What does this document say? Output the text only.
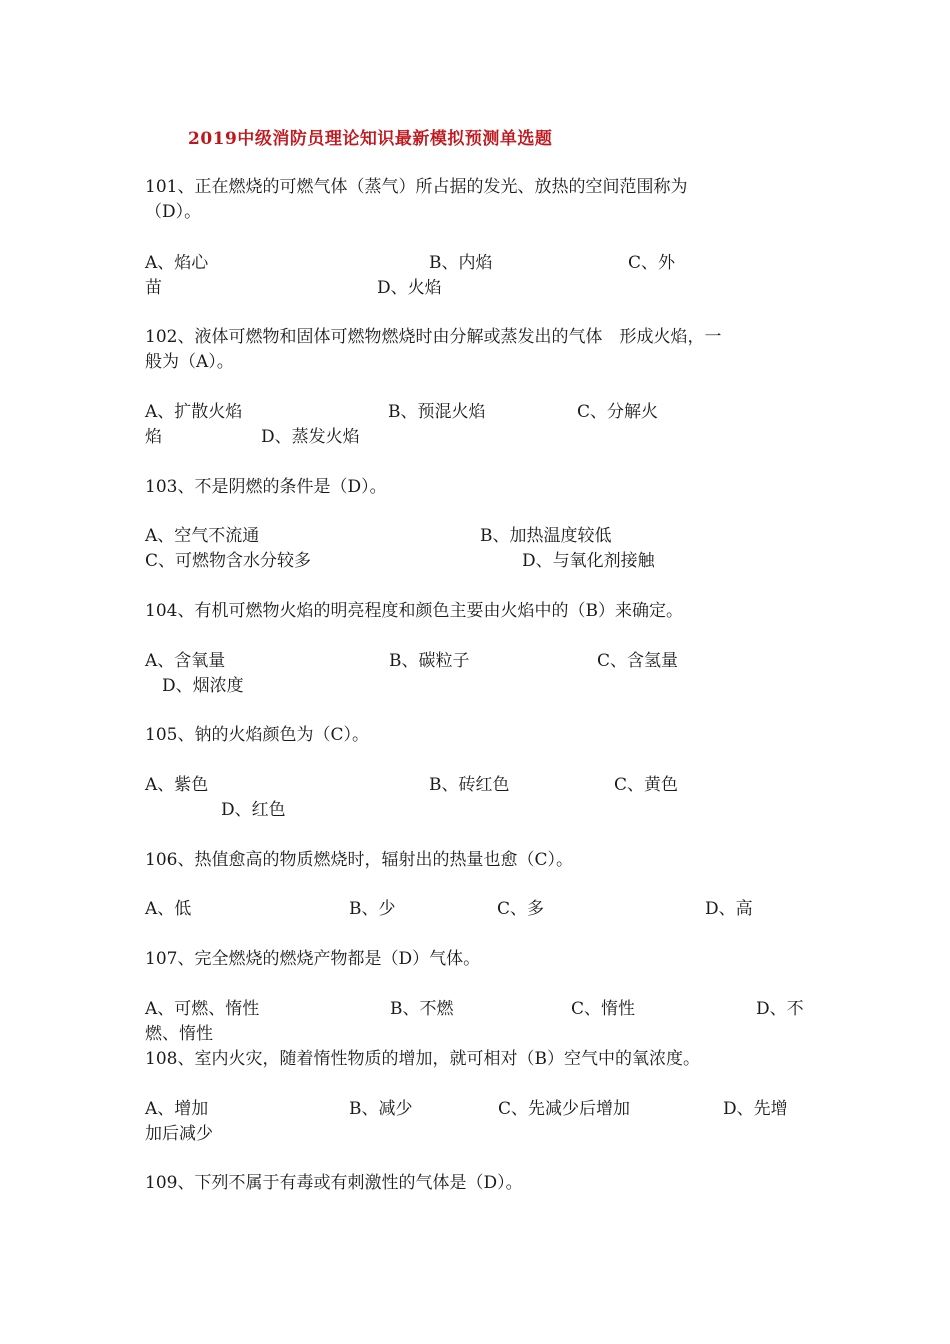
2019中级消防员理论知识最新模拟预测单选题
101、正在燃烧的可燃气体（蒸气）所占据的发光、放热的空间范围称为
（D）。
A、焰心	B、内焰	C、外
苗	D、火焰
102、液体可燃物和固体可燃物燃烧时由分解或蒸发出的气体　形成火焰，一
般为（A）。
A、扩散火焰	B、预混火焰	C、分解火
焰	D、蒸发火焰
103、不是阴燃的条件是（D）。
A、空气不流通	B、加热温度较低
C、可燃物含水分较多	D、与氧化剂接触
104、有机可燃物火焰的明亮程度和颜色主要由火焰中的（B）来确定。
A、含氧量	B、碳粒子	C、含氢量
D、烟浓度
105、钠的火焰颜色为（C）。
A、紫色	B、砖红色	C、黄色
D、红色
106、热值愈高的物质燃烧时，辐射出的热量也愈（C）。
A、低	B、少	C、多	D、高
107、完全燃烧的燃烧产物都是（D）气体。
A、可燃、惰性	B、不燃	C、惰性	D、不
燃、惰性
108、室内火灾，随着惰性物质的增加，就可相对（B）空气中的氧浓度。
A、增加	B、减少	C、先减少后增加	D、先增
加后减少
109、下列不属于有毒或有刺激性的气体是（D）。
